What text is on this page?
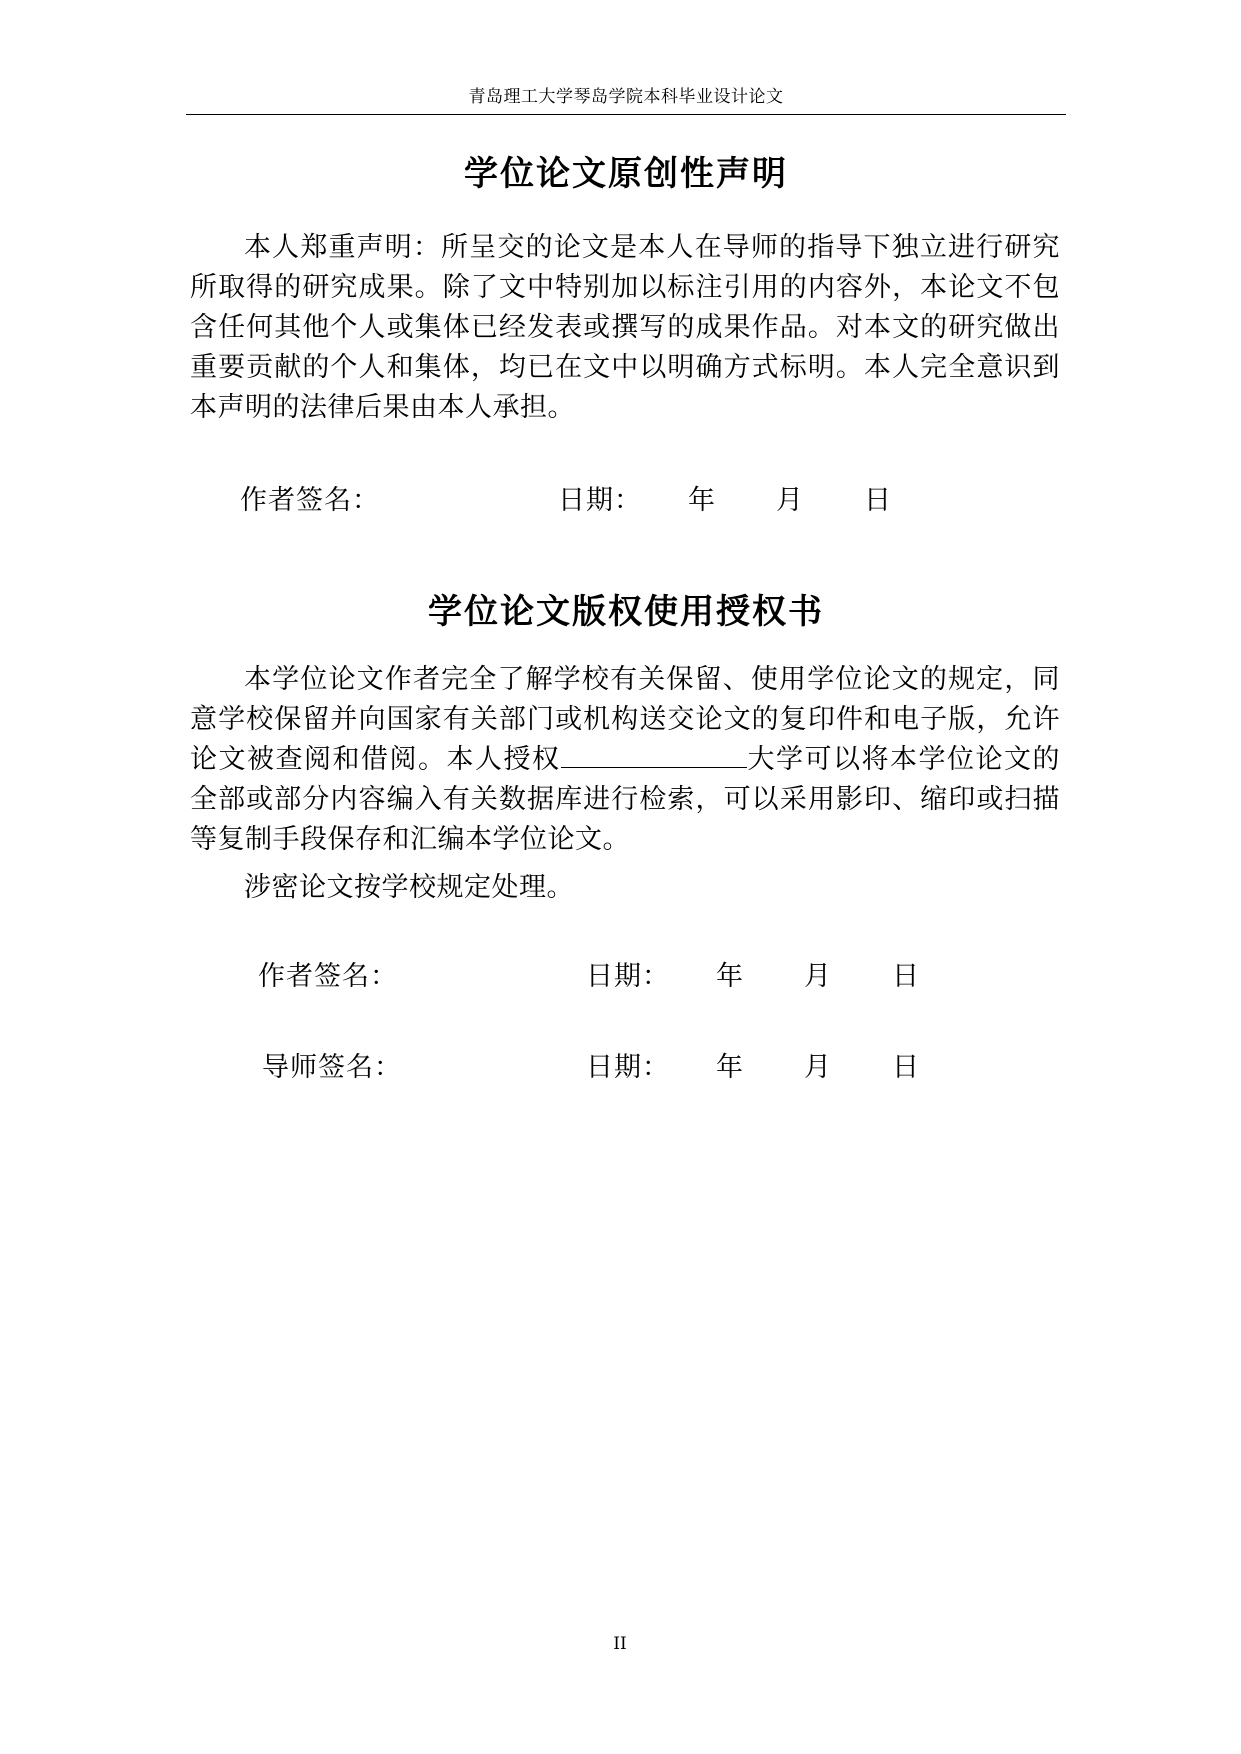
青岛理工大学琴岛学院本科毕业设计论文
学位论文原创性声明
本人郑重声明：所呈交的论文是本人在导师的指导下独立进行研究所取得的研究成果。除了文中特别加以标注引用的内容外，本论文不包含任何其他个人或集体已经发表或撰写的成果作品。对本文的研究做出重要贡献的个人和集体，均已在文中以明确方式标明。本人完全意识到本声明的法律后果由本人承担。
作者签名：	日期： 年 月 日
学位论文版权使用授权书
本学位论文作者完全了解学校有关保留、使用学位论文的规定，同意学校保留并向国家有关部门或机构送交论文的复印件和电子版，允许论文被查阅和借阅。本人授权	大学可以将本学位论文的全部或部分内容编入有关数据库进行检索，可以采用影印、缩印或扫描等复制手段保存和汇编本学位论文。
涉密论文按学校规定处理。
作者签名：	日期： 年 月 日
导师签名：	日期： 年 月 日
II
